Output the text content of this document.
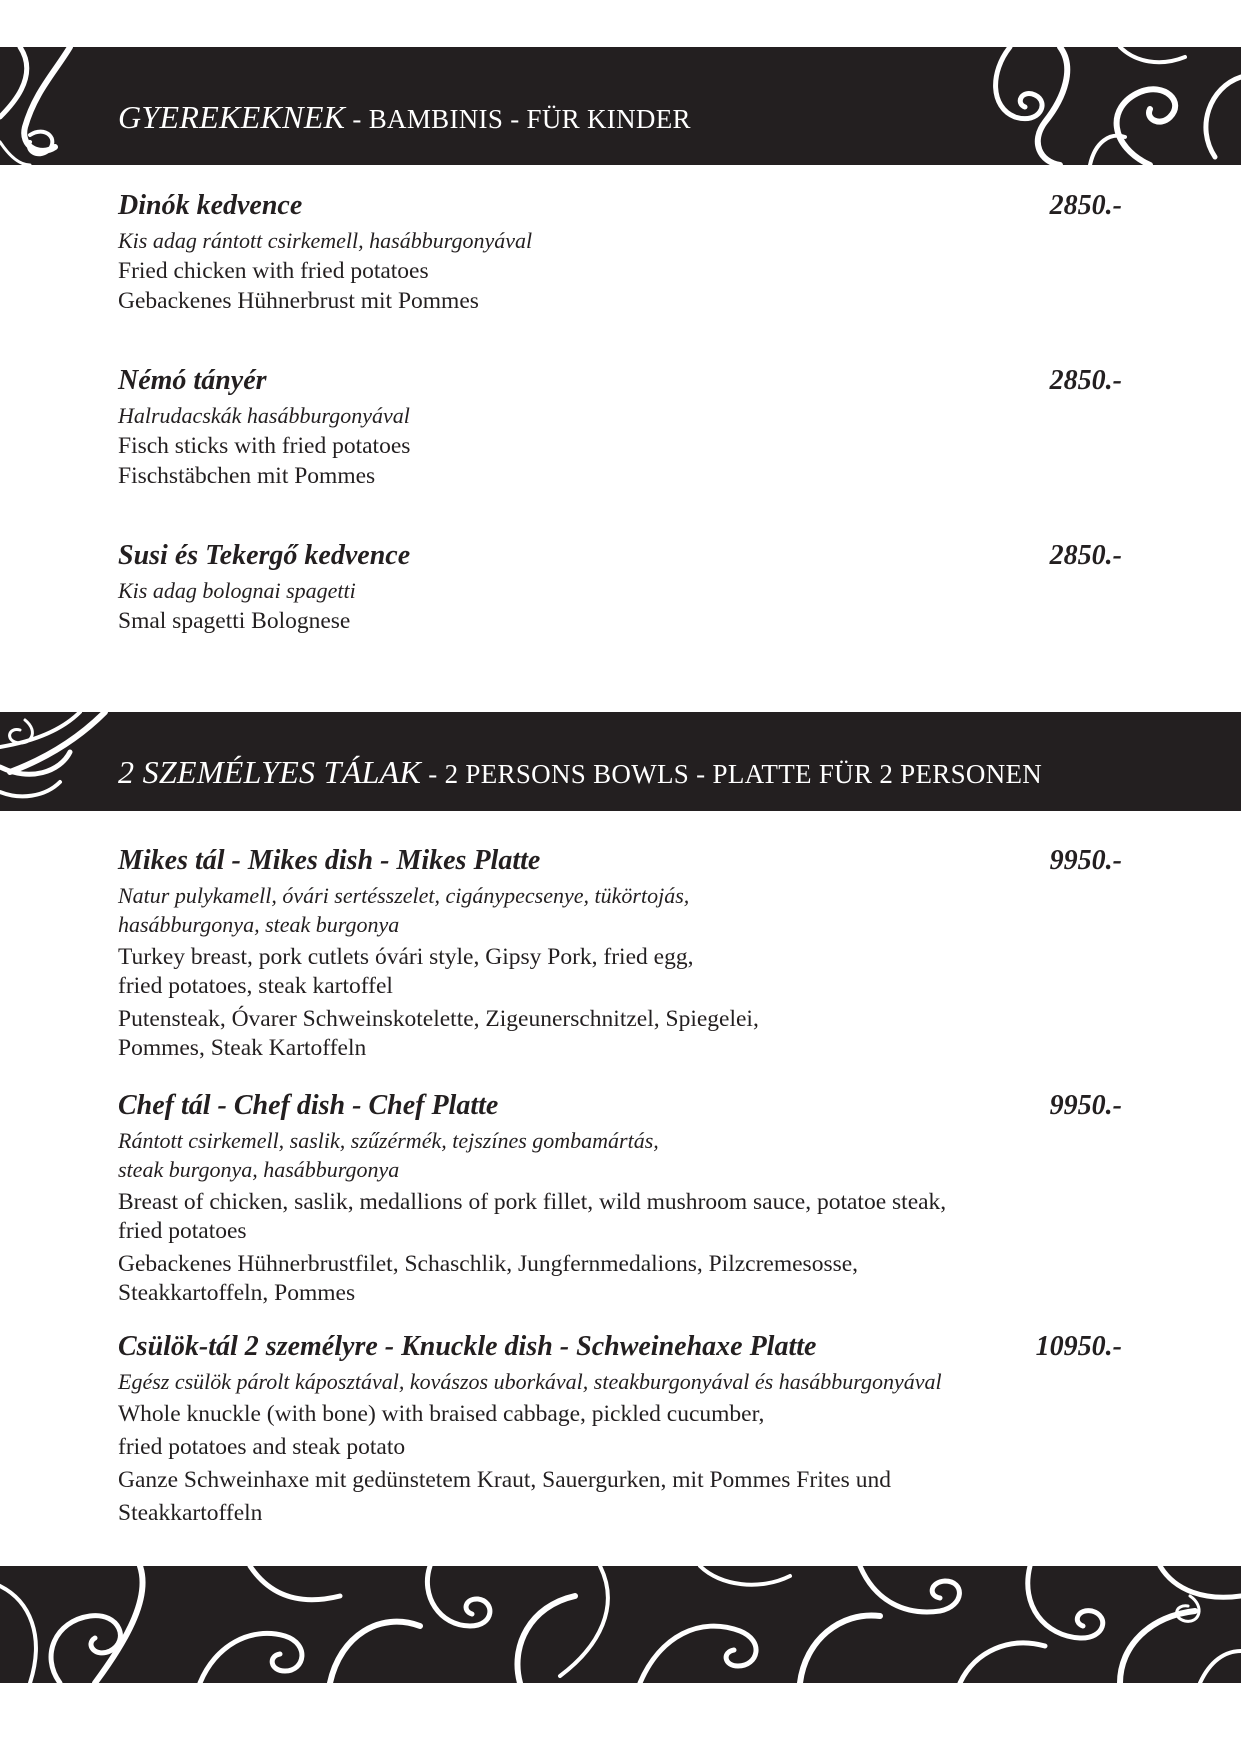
GYEREKEKNEK - BAMBINIS - FÜR KINDER
Dinók kedvence	2850.-
Kis adag rántott csirkemell, hasábburgonyával
Fried chicken with fried potatoes
Gebackenes Hühnerbrust mit Pommes
Némó tányér	2850.-
Halrudacskák hasábburgonyával
Fisch sticks with fried potatoes
Fischstäbchen mit Pommes
Susi és Tekergő kedvence	2850.-
Kis adag bolognai spagetti
Smal spagetti Bolognese
2 SZEMÉLYES TÁLAK - 2 PERSONS BOWLS - PLATTE FÜR 2 PERSONEN
Mikes tál - Mikes dish - Mikes Platte	9950.-
Natur pulykamell, óvári sertésszelet, cigánypecsenye, tükörtojás,
hasábburgonya, steak burgonya
Turkey breast, pork cutlets óvári style, Gipsy Pork, fried egg,
fried potatoes, steak kartoffel
Putensteak, Óvarer Schweinskotelette, Zigeunerschnitzel, Spiegelei,
Pommes, Steak Kartoffeln
Chef tál - Chef dish - Chef Platte	9950.-
Rántott csirkemell, saslik, szűzérmék, tejszínes gombamártás,
steak burgonya, hasábburgonya
Breast of chicken, saslik, medallions of pork fillet, wild mushroom sauce, potatoe steak,
fried potatoes
Gebackenes Hühnerbrustfilet, Schaschlik, Jungfernmedalions, Pilzcremesosse,
Steakkartoffeln, Pommes
Csülök-tál 2 személyre - Knuckle dish - Schweinehaxe Platte	10950.-
Egész csülök párolt káposztával, kovászos uborkával, steakburgonyával és hasábburgonyával
Whole knuckle (with bone) with braised cabbage, pickled cucumber,
fried potatoes and steak potato
Ganze Schweinhaxe mit gedünstetem Kraut, Sauergurken, mit Pommes Frites und
Steakkartoffeln
